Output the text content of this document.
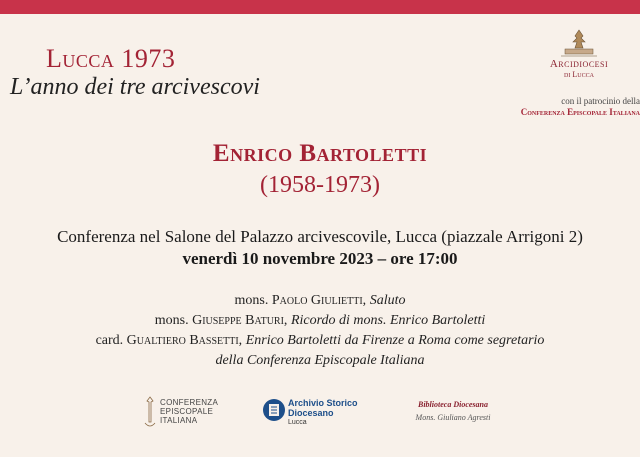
Lucca 1973
L’anno dei tre arcivescovi
Arcidiocesi
di Lucca
con il patrocinio della
Conferenza Episcopale Italiana
Enrico Bartoletti
(1958-1973)
Conferenza nel Salone del Palazzo arcivescovile, Lucca (piazzale Arrigoni 2)
venerdì 10 novembre 2023 – ore 17:00
mons. Paolo Giulietti, Saluto
mons. Giuseppe Baturi, Ricordo di mons. Enrico Bartoletti
card. Gualtiero Bassetti, Enrico Bartoletti da Firenze a Roma come segretario
della Conferenza Episcopale Italiana
CONFERENZA
EPISCOPALE
ITALIANA
Archivio Storico
Diocesano
Lucca
Biblioteca Diocesana
Mons. Giuliano Agresti
